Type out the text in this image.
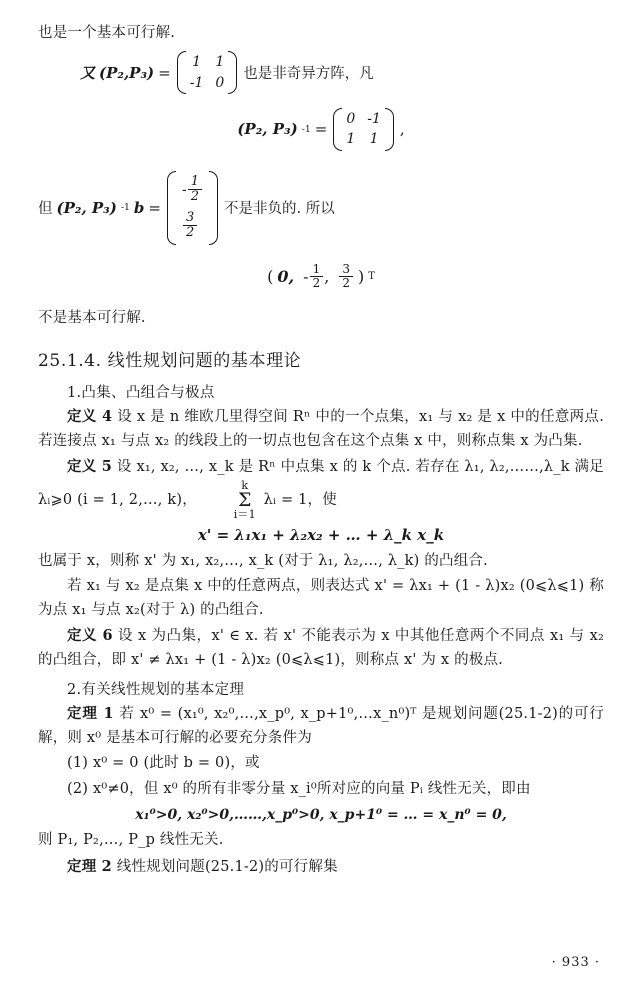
也是一个基本可行解.

又 (P₂,P₃) =
1 1
-1 0
也是非奇异方阵，凡
(P₂, P₃) -1 =
0 -1
1 1
,
但 (P₂, P₃) -1 b =
- $\frac{1}{2}$
$\frac{3}{2}$
不是非负的. 所以
( 0, - $\frac{1}{2}$ ,
$\frac{3}{2}$ ) T

不是基本可行解.

25.1.4. 线性规划问题的基本理论

1.凸集、凸组合与极点

定义 4 设 x 是 n 维欧几里得空间 Rⁿ 中的一个点集，x₁ 与 x₂ 是 x 中的任意两点. 若连接点 x₁ 与点 x₂ 的线段上的一切点也包含在这个点集 x 中，则称点集 x 为凸集.

定义 5 设 x₁, x₂, …, x_k 是 Rⁿ 中点集 x 的 k 个点. 若存在 λ₁, λ₂,……,λ_k 满足 λᵢ⩾0 (i = 1, 2,…, k)，
k
Σ
i＝1
λᵢ = 1，使

x' = λ₁x₁ + λ₂x₂ + … + λ_k x_k

也属于 x，则称 x' 为 x₁, x₂,…, x_k (对于 λ₁, λ₂,…, λ_k) 的凸组合.

若 x₁ 与 x₂ 是点集 x 中的任意两点，则表达式 x' = λx₁ + (1 - λ)x₂ (0⩽λ⩽1) 称为点 x₁ 与点 x₂(对于 λ) 的凸组合.

定义 6 设 x 为凸集，x' ∈ x. 若 x' 不能表示为 x 中其他任意两个不同点 x₁ 与 x₂ 的凸组合，即 x' ≠ λx₁ + (1 - λ)x₂ (0⩽λ⩽1)，则称点 x' 为 x 的极点.

2.有关线性规划的基本定理

定理 1 若 x⁰ = (x₁⁰, x₂⁰,…,x_p⁰, x_p+1⁰,…x_n⁰)ᵀ 是规划问题(25.1-2)的可行解，则 x⁰ 是基本可行解的必要充分条件为

(1) x⁰ = 0 (此时 b = 0)，或

(2) x⁰≠0，但 x⁰ 的所有非零分量 x_i⁰所对应的向量 Pᵢ 线性无关，即由

x₁⁰>0, x₂⁰>0,……,x_p⁰>0, x_p+1⁰ = … = x_n⁰ = 0,

则 P₁, P₂,…, P_p 线性无关.

定理 2 线性规划问题(25.1-2)的可行解集

· 933 ·
